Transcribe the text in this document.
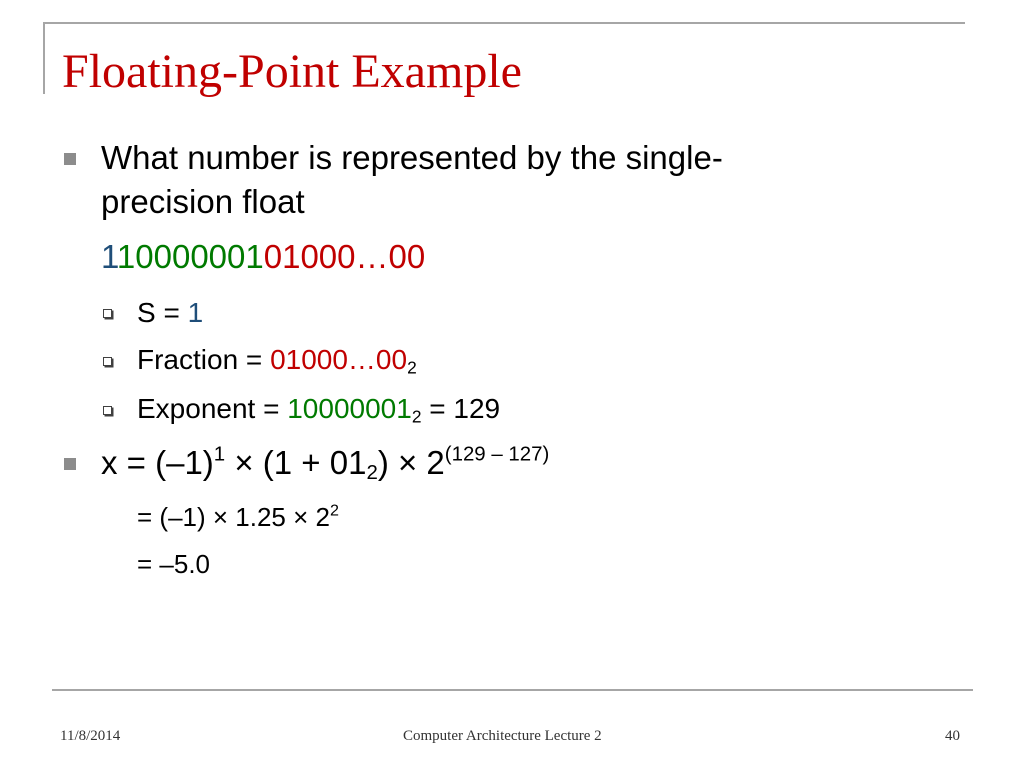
Floating-Point Example
What number is represented by the single-
precision float
11000000101000…00
S = 1
Fraction = $01000\dots 00_2$
Exponent = $10000001_2 = 129$
$x = (-1)^1 \times (1 + 01_2) \times 2^{(129 - 127)}$
= $(-1) \times 1.25 \times 2^2$
= –5.0
11/8/2014	Computer Architecture Lecture 2	40
